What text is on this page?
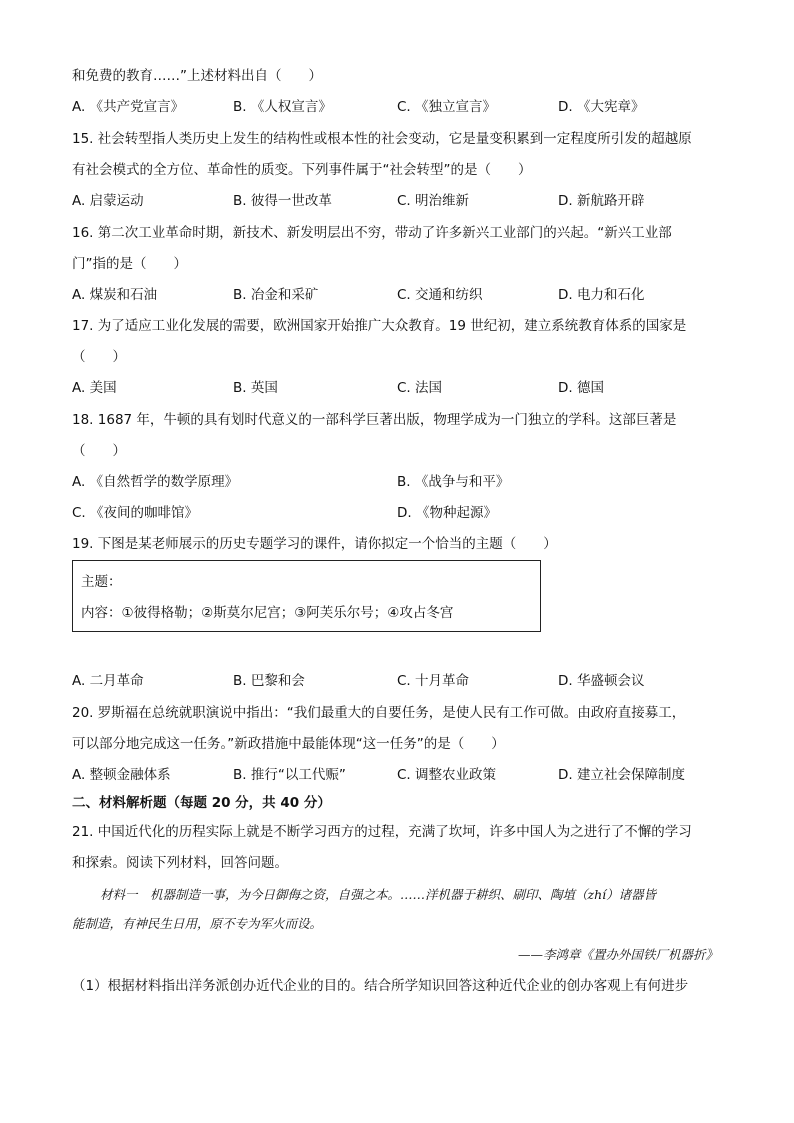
和免费的教育……”上述材料出自（　　）
A. 《共产党宣言》	B. 《人权宣言》	C. 《独立宣言》	D. 《大宪章》
15. 社会转型指人类历史上发生的结构性或根本性的社会变动，它是量变积累到一定程度所引发的超越原
有社会模式的全方位、革命性的质变。下列事件属于“社会转型”的是（　　）
A. 启蒙运动	B. 彼得一世改革	C. 明治维新	D. 新航路开辟
16. 第二次工业革命时期，新技术、新发明层出不穷，带动了许多新兴工业部门的兴起。“新兴工业部
门”指的是（　　）
A. 煤炭和石油	B. 冶金和采矿	C. 交通和纺织	D. 电力和石化
17. 为了适应工业化发展的需要，欧洲国家开始推广大众教育。19 世纪初，建立系统教育体系的国家是
（　　）
A. 美国	B. 英国	C. 法国	D. 德国
18. 1687 年，牛顿的具有划时代意义的一部科学巨著出版，物理学成为一门独立的学科。这部巨著是
（　　）
A. 《自然哲学的数学原理》	B. 《战争与和平》
C. 《夜间的咖啡馆》	D. 《物种起源》
19. 下图是某老师展示的历史专题学习的课件，请你拟定一个恰当的主题（　　）
主题：
内容：①彼得格勒；②斯莫尔尼宫；③阿芙乐尔号；④攻占冬宫
A. 二月革命	B. 巴黎和会	C. 十月革命	D. 华盛顿会议
20. 罗斯福在总统就职演说中指出：“我们最重大的自要任务，是使人民有工作可做。由政府直接募工，
可以部分地完成这一任务。”新政措施中最能体现“这一任务”的是（　　）
A. 整顿金融体系	B. 推行“以工代赈”	C. 调整农业政策	D. 建立社会保障制度
二、材料解析题（每题 20 分，共 40 分）
21. 中国近代化的历程实际上就是不断学习西方的过程，充满了坎坷，许多中国人为之进行了不懈的学习
和探索。阅读下列材料，回答问题。
材料一　机器制造一事，为今日御侮之资，自强之本。……洋机器于耕织、刷印、陶埴（zhí）诸器皆
能制造，有神民生日用，原不专为军火而设。
——李鸿章《置办外国铁厂机器折》
（1）根据材料指出洋务派创办近代企业的目的。结合所学知识回答这种近代企业的创办客观上有何进步
